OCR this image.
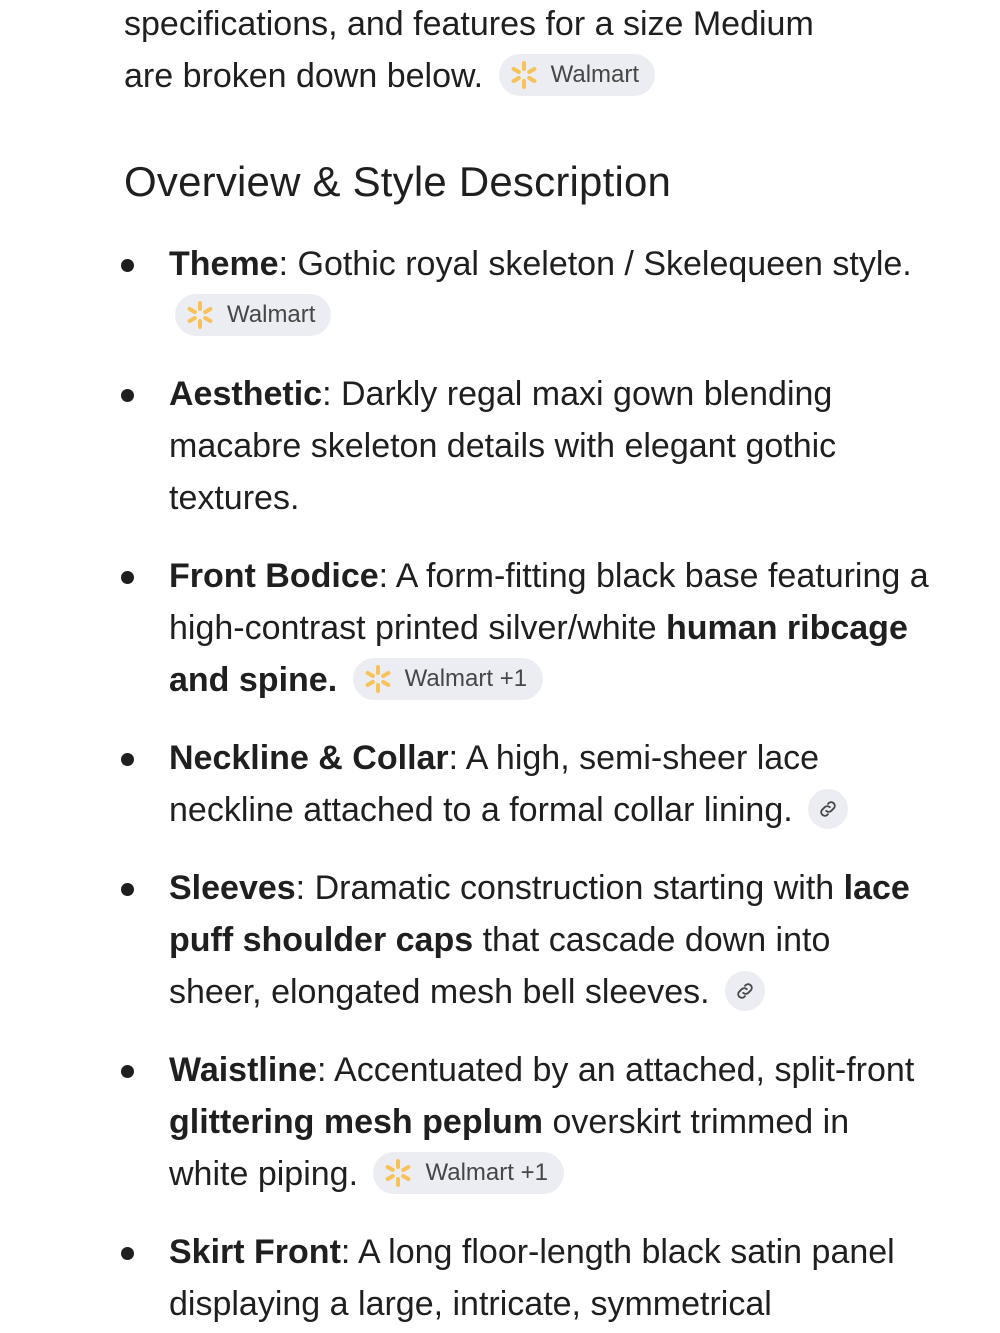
specifications, and features for a size Medium
are broken down below.	Walmart

Overview & Style Description
Theme: Gothic royal skeleton / Skelequeen style.
Walmart
Aesthetic: Darkly regal maxi gown blending macabre skeleton details with elegant gothic textures.
Front Bodice: A form-fitting black base featuring a high-contrast printed silver/white human ribcage and spine.	Walmart +1
Neckline & Collar: A high, semi-sheer lace neckline attached to a formal collar lining.
Sleeves: Dramatic construction starting with lace puff shoulder caps that cascade down into sheer, elongated mesh bell sleeves.
Waistline: Accentuated by an attached, split-front glittering mesh peplum overskirt trimmed in white piping.	Walmart +1
Skirt Front: A long floor-length black satin panel displaying a large, intricate, symmetrical
